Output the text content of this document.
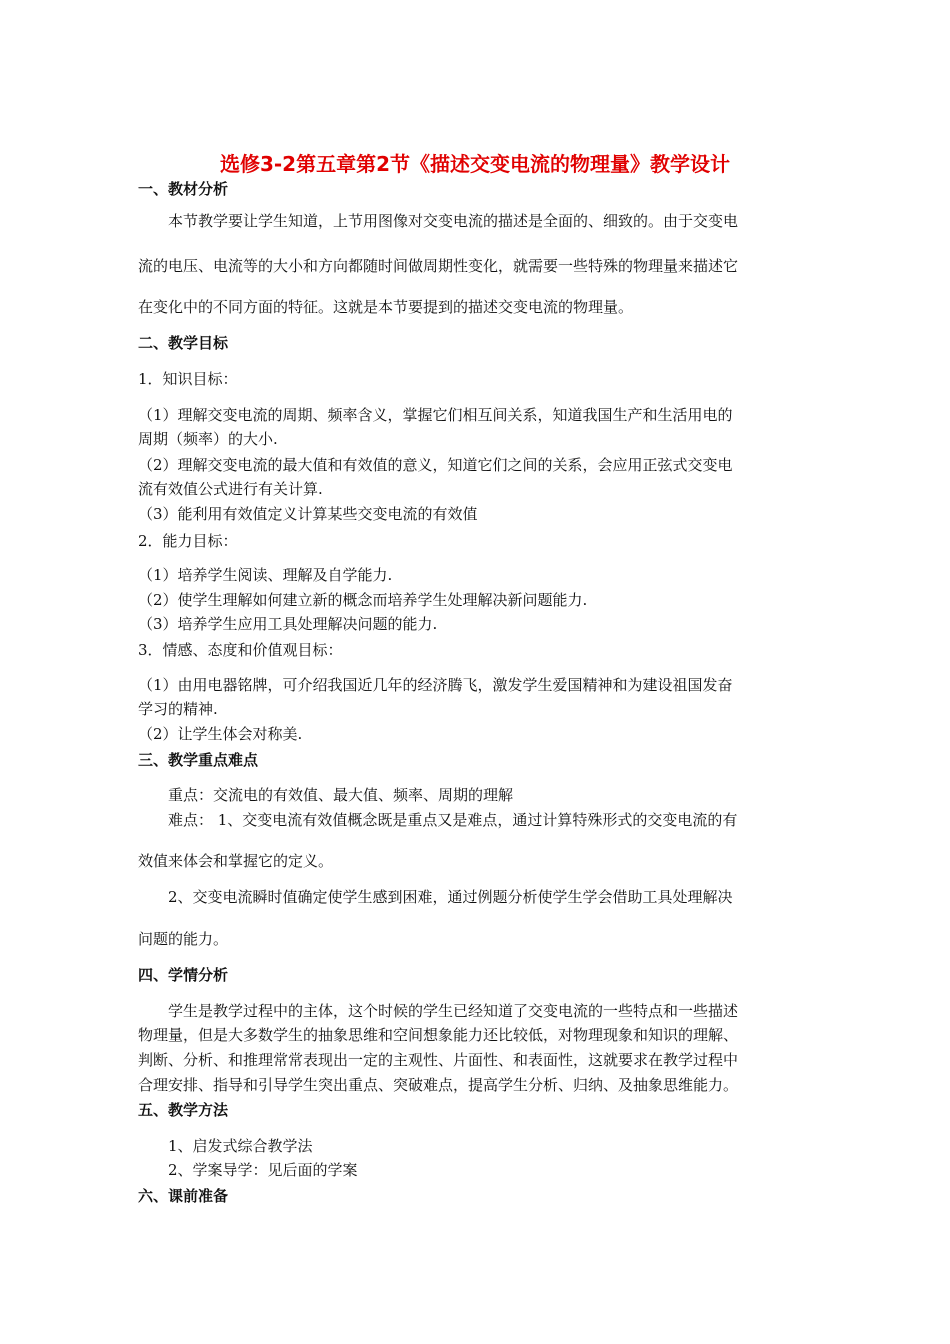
选修3-2第五章第2节《描述交变电流的物理量》教学设计
一、教材分析
本节教学要让学生知道，上节用图像对交变电流的描述是全面的、细致的。由于交变电
流的电压、电流等的大小和方向都随时间做周期性变化，就需要一些特殊的物理量来描述它
在变化中的不同方面的特征。这就是本节要提到的描述交变电流的物理量。
二、教学目标
1．知识目标：
（1）理解交变电流的周期、频率含义，掌握它们相互间关系，知道我国生产和生活用电的
周期（频率）的大小.
（2）理解交变电流的最大值和有效值的意义，知道它们之间的关系，会应用正弦式交变电
流有效值公式进行有关计算.
（3）能利用有效值定义计算某些交变电流的有效值
2．能力目标：
（1）培养学生阅读、理解及自学能力.
（2）使学生理解如何建立新的概念而培养学生处理解决新问题能力.
（3）培养学生应用工具处理解决问题的能力.
3．情感、态度和价值观目标：
（1）由用电器铭牌，可介绍我国近几年的经济腾飞，激发学生爱国精神和为建设祖国发奋
学习的精神.
（2）让学生体会对称美.
三、教学重点难点
重点：交流电的有效值、最大值、频率、周期的理解
难点： 1、交变电流有效值概念既是重点又是难点，通过计算特殊形式的交变电流的有
效值来体会和掌握它的定义。
2、交变电流瞬时值确定使学生感到困难，通过例题分析使学生学会借助工具处理解决
问题的能力。
四、学情分析
学生是教学过程中的主体，这个时候的学生已经知道了交变电流的一些特点和一些描述
物理量，但是大多数学生的抽象思维和空间想象能力还比较低，对物理现象和知识的理解、
判断、分析、和推理常常表现出一定的主观性、片面性、和表面性，这就要求在教学过程中
合理安排、指导和引导学生突出重点、突破难点，提高学生分析、归纳、及抽象思维能力。
五、教学方法
1、启发式综合教学法
2、学案导学：见后面的学案
六、课前准备
